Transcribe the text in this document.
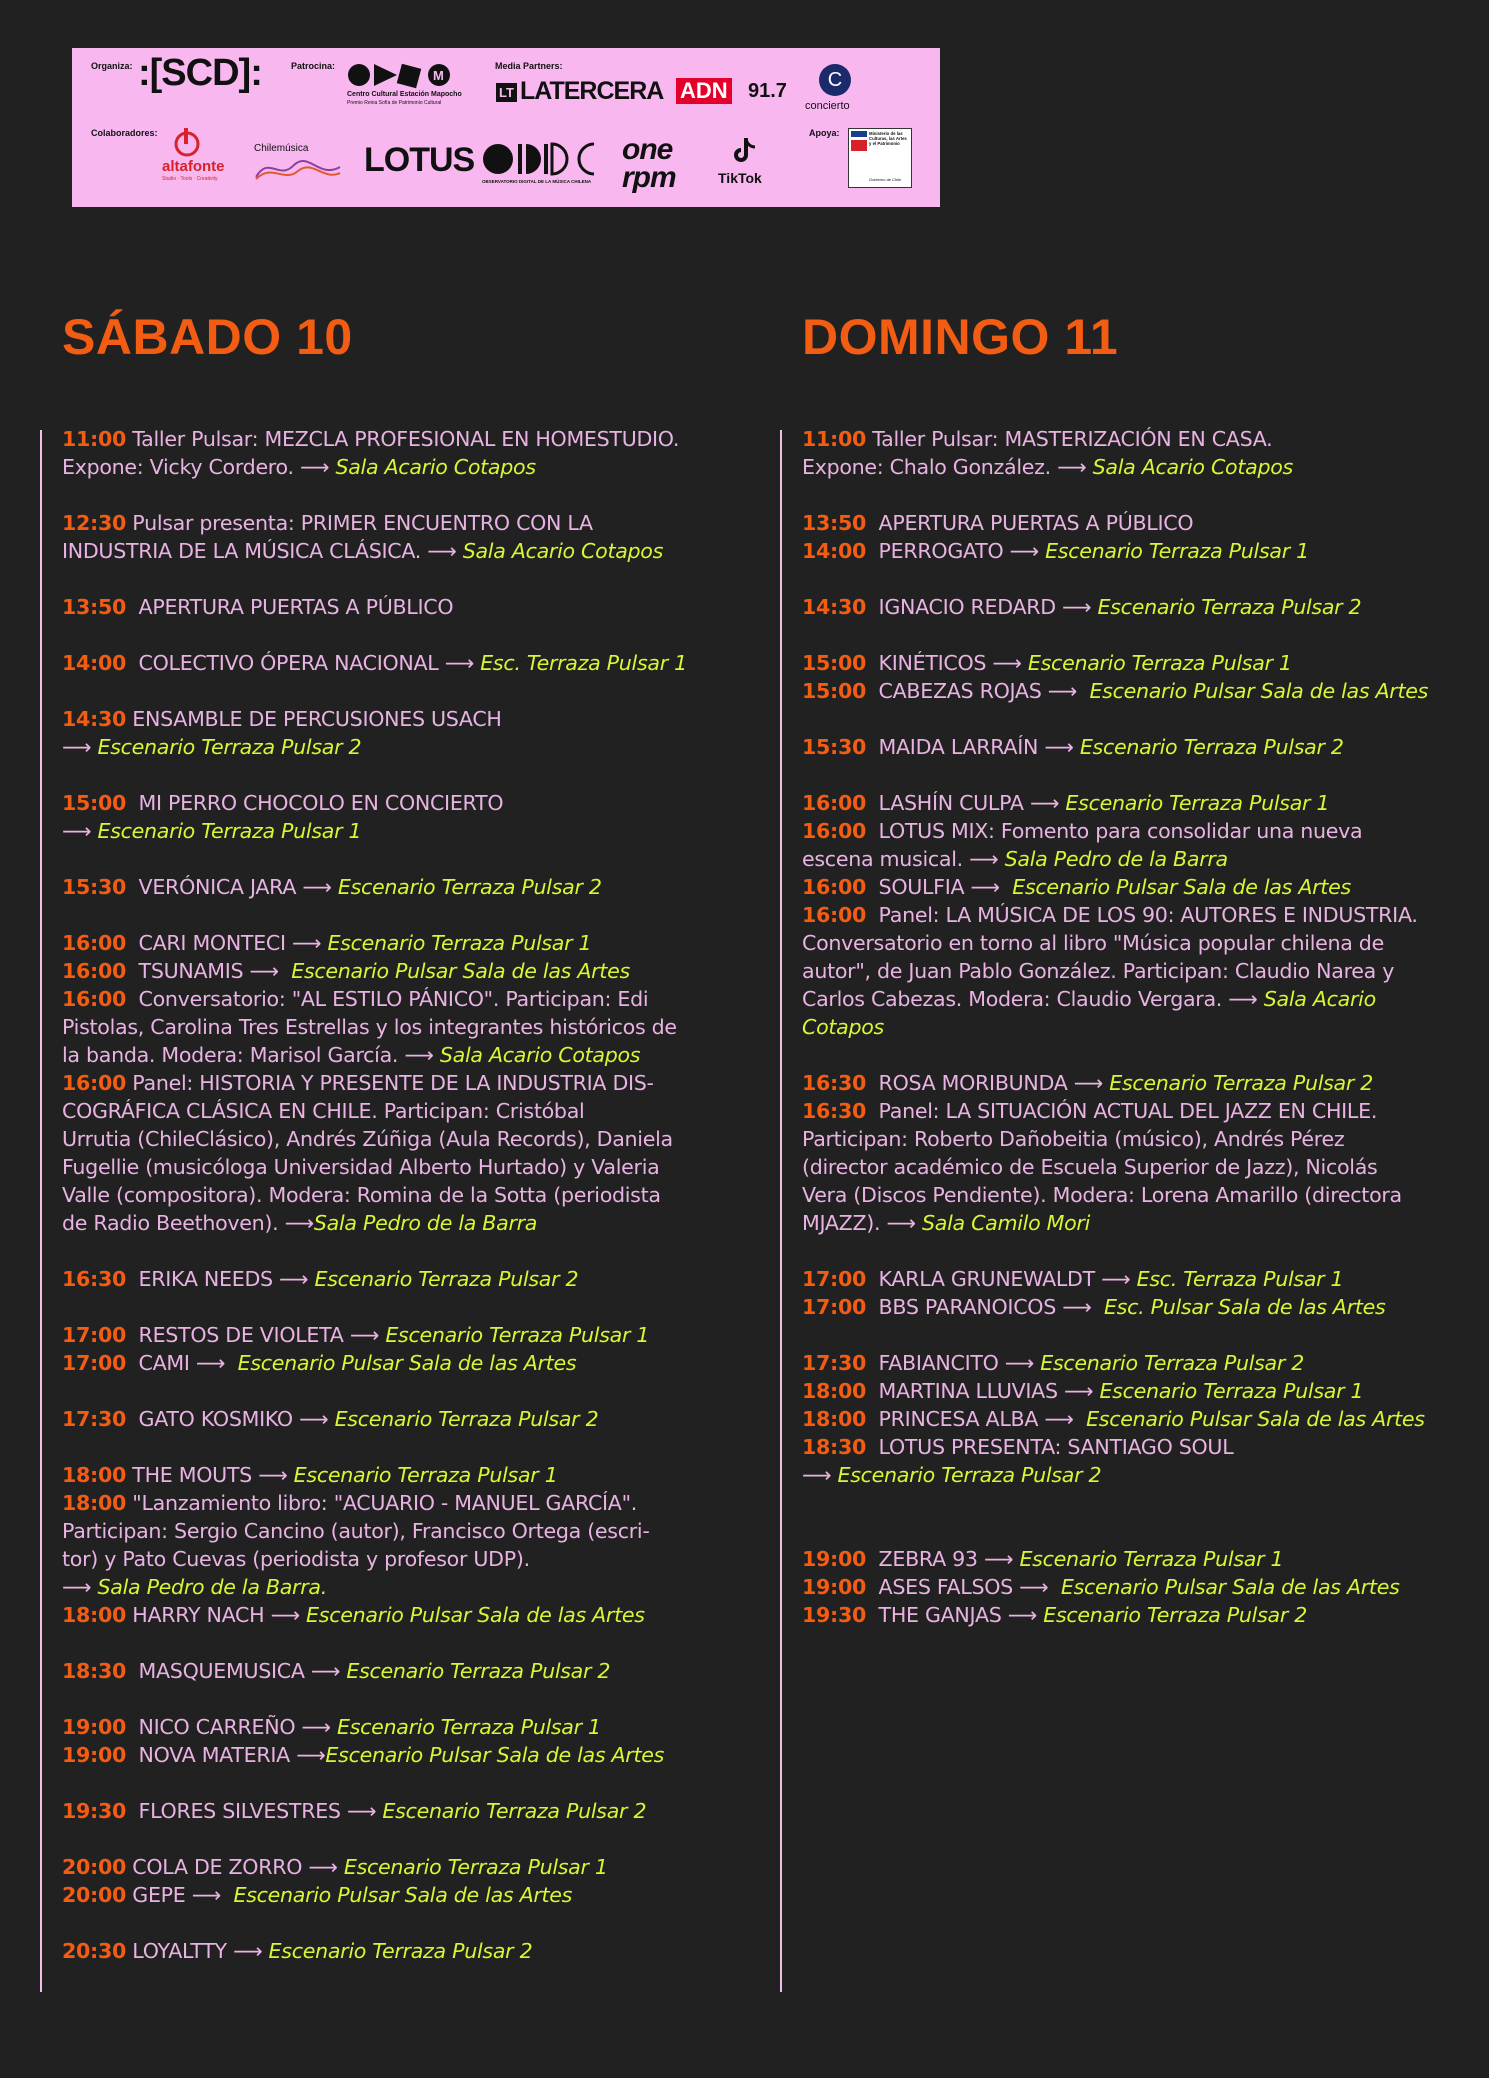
Organiza: :[SCD]:	Patrocina:
M
Centro Cultural Estación Mapocho
Premio Reina Sofía de Patrimonio Cultural
Media Partners:
LT LATERCERA ADN 91.7	C
concierto
Colaboradores:
altafonte
Studio · Tools · Creativity
Chilemúsica LOTUS
OBSERVATORIO DIGITAL DE LA MÚSICA CHILENA
one rpm	TikTok
Apoya:	Ministerio de las Culturas, las Artes y el Patrimonio
Gobierno de Chile
SÁBADO 10	DOMINGO 11
11:00 Taller Pulsar: MEZCLA PROFESIONAL EN HOMESTUDIO.
Expone: Vicky Cordero. ⟶ Sala Acario Cotapos
12:30 Pulsar presenta: PRIMER ENCUENTRO CON LA
INDUSTRIA DE LA MÚSICA CLÁSICA. ⟶ Sala Acario Cotapos
13:50  APERTURA PUERTAS A PÚBLICO
14:00  COLECTIVO ÓPERA NACIONAL ⟶ Esc. Terraza Pulsar 1
14:30 ENSAMBLE DE PERCUSIONES USACH
⟶ Escenario Terraza Pulsar 2
15:00  MI PERRO CHOCOLO EN CONCIERTO
⟶ Escenario Terraza Pulsar 1
15:30  VERÓNICA JARA ⟶ Escenario Terraza Pulsar 2
16:00  CARI MONTECI ⟶ Escenario Terraza Pulsar 1
16:00  TSUNAMIS ⟶  Escenario Pulsar Sala de las Artes
16:00  Conversatorio: "AL ESTILO PÁNICO". Participan: Edi
Pistolas, Carolina Tres Estrellas y los integrantes históricos de
la banda. Modera: Marisol García. ⟶ Sala Acario Cotapos
16:00 Panel: HISTORIA Y PRESENTE DE LA INDUSTRIA DIS-
COGRÁFICA CLÁSICA EN CHILE. Participan: Cristóbal
Urrutia (ChileClásico), Andrés Zúñiga (Aula Records), Daniela
Fugellie (musicóloga Universidad Alberto Hurtado) y Valeria
Valle (compositora). Modera: Romina de la Sotta (periodista
de Radio Beethoven). ⟶Sala Pedro de la Barra
16:30  ERIKA NEEDS ⟶ Escenario Terraza Pulsar 2
17:00  RESTOS DE VIOLETA ⟶ Escenario Terraza Pulsar 1
17:00  CAMI ⟶  Escenario Pulsar Sala de las Artes
17:30  GATO KOSMIKO ⟶ Escenario Terraza Pulsar 2
18:00 THE MOUTS ⟶ Escenario Terraza Pulsar 1
18:00 "Lanzamiento libro: "ACUARIO - MANUEL GARCÍA".
Participan: Sergio Cancino (autor), Francisco Ortega (escri-
tor) y Pato Cuevas (periodista y profesor UDP).
⟶ Sala Pedro de la Barra.
18:00 HARRY NACH ⟶ Escenario Pulsar Sala de las Artes
18:30  MASQUEMUSICA ⟶ Escenario Terraza Pulsar 2
19:00  NICO CARREÑO ⟶ Escenario Terraza Pulsar 1
19:00  NOVA MATERIA ⟶Escenario Pulsar Sala de las Artes
19:30  FLORES SILVESTRES ⟶ Escenario Terraza Pulsar 2
20:00 COLA DE ZORRO ⟶ Escenario Terraza Pulsar 1
20:00 GEPE ⟶  Escenario Pulsar Sala de las Artes
20:30 LOYALTTY ⟶ Escenario Terraza Pulsar 2
11:00 Taller Pulsar: MASTERIZACIÓN EN CASA.
Expone: Chalo González. ⟶ Sala Acario Cotapos
13:50  APERTURA PUERTAS A PÚBLICO
14:00  PERROGATO ⟶ Escenario Terraza Pulsar 1
14:30  IGNACIO REDARD ⟶ Escenario Terraza Pulsar 2
15:00  KINÉTICOS ⟶ Escenario Terraza Pulsar 1
15:00  CABEZAS ROJAS ⟶  Escenario Pulsar Sala de las Artes
15:30  MAIDA LARRAÍN ⟶ Escenario Terraza Pulsar 2
16:00  LASHÍN CULPA ⟶ Escenario Terraza Pulsar 1
16:00  LOTUS MIX: Fomento para consolidar una nueva
escena musical. ⟶ Sala Pedro de la Barra
16:00  SOULFIA ⟶  Escenario Pulsar Sala de las Artes
16:00  Panel: LA MÚSICA DE LOS 90: AUTORES E INDUSTRIA.
Conversatorio en torno al libro "Música popular chilena de
autor", de Juan Pablo González. Participan: Claudio Narea y
Carlos Cabezas. Modera: Claudio Vergara. ⟶ Sala Acario
Cotapos
16:30  ROSA MORIBUNDA ⟶ Escenario Terraza Pulsar 2
16:30  Panel: LA SITUACIÓN ACTUAL DEL JAZZ EN CHILE.
Participan: Roberto Dañobeitia (músico), Andrés Pérez
(director académico de Escuela Superior de Jazz), Nicolás
Vera (Discos Pendiente). Modera: Lorena Amarillo (directora
MJAZZ). ⟶ Sala Camilo Mori
17:00  KARLA GRUNEWALDT ⟶ Esc. Terraza Pulsar 1
17:00  BBS PARANOICOS ⟶  Esc. Pulsar Sala de las Artes
17:30  FABIANCITO ⟶ Escenario Terraza Pulsar 2
18:00  MARTINA LLUVIAS ⟶ Escenario Terraza Pulsar 1
18:00  PRINCESA ALBA ⟶  Escenario Pulsar Sala de las Artes
18:30  LOTUS PRESENTA: SANTIAGO SOUL
⟶ Escenario Terraza Pulsar 2
19:00  ZEBRA 93 ⟶ Escenario Terraza Pulsar 1
19:00  ASES FALSOS ⟶  Escenario Pulsar Sala de las Artes
19:30  THE GANJAS ⟶ Escenario Terraza Pulsar 2
